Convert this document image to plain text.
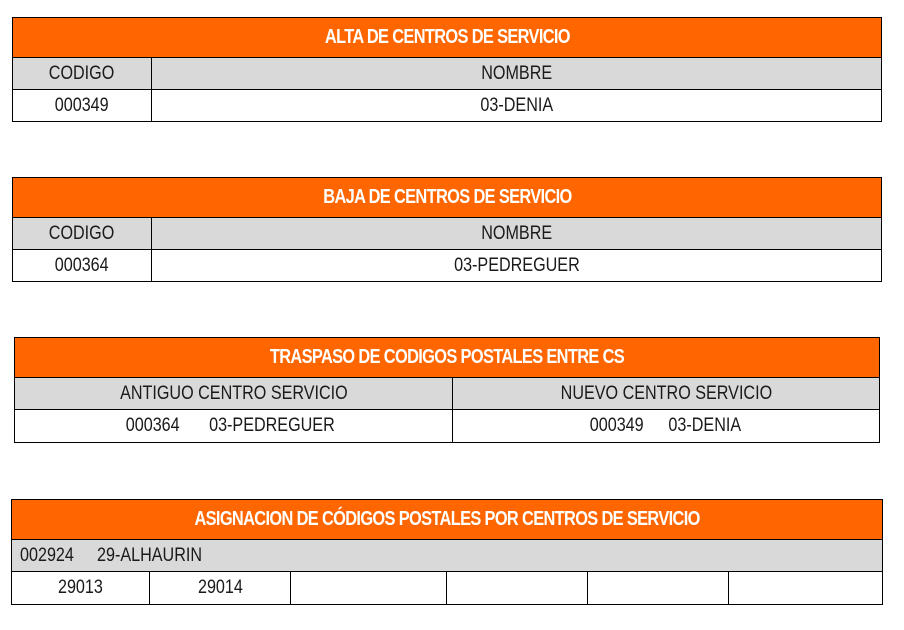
ALTA DE CENTROS DE SERVICIO	
CODIGO	NOMBRE
000349	03-DENIA
BAJA DE CENTROS DE SERVICIO	
CODIGO	NOMBRE
000364	03-PEDREGUER
TRASPASO DE CODIGOS POSTALES ENTRE CS	
ANTIGUO CENTRO SERVICIO	NUEVO CENTRO SERVICIO
000364 03-PEDREGUER	000349 03-DENIA
ASIGNACION DE CÓDIGOS POSTALES POR CENTROS DE SERVICIO
002924 29-ALHAURIN
29013	29014				
